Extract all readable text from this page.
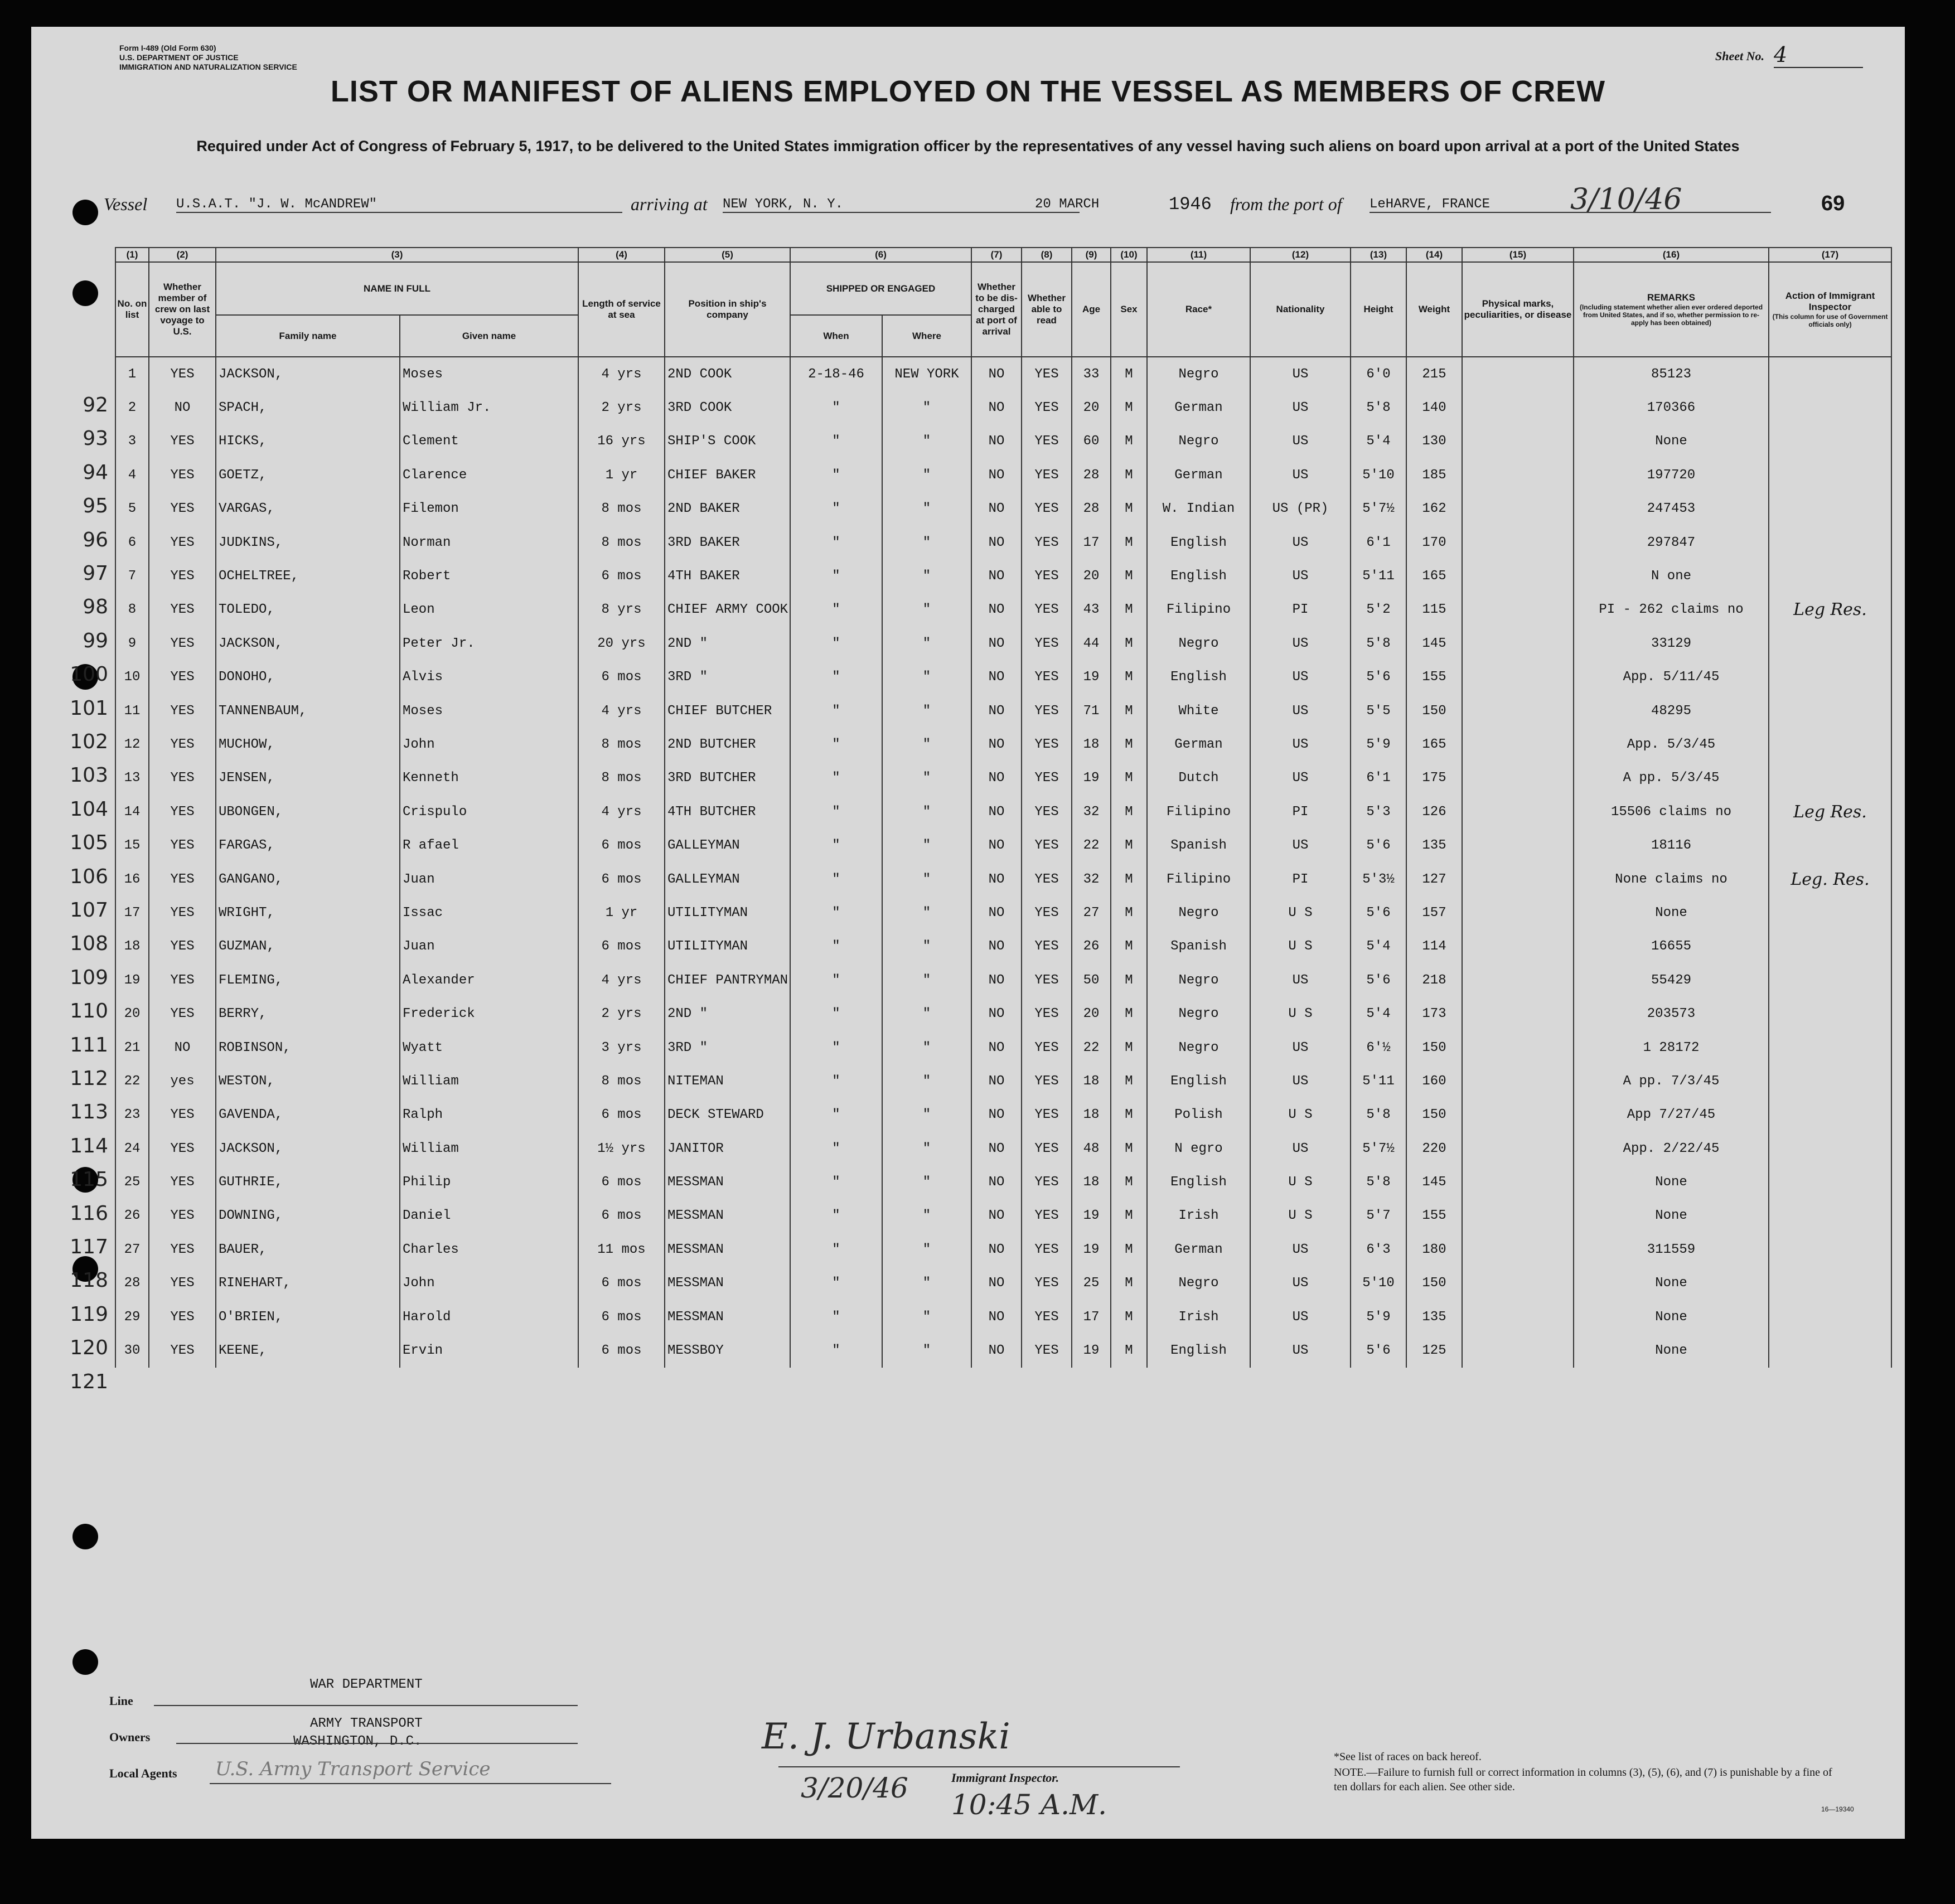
Form I-489 (Old Form 630)
U.S. DEPARTMENT OF JUSTICE
IMMIGRATION AND NATURALIZATION SERVICE
Sheet No. 4
LIST OR MANIFEST OF ALIENS EMPLOYED ON THE VESSEL AS MEMBERS OF CREW
Required under Act of Congress of February 5, 1917, to be delivered to the United States immigration officer by the representatives of any vessel having such aliens on board upon arrival at a port of the United States
Vessel U.S.A.T. "J. W. McANDREW"	arriving at NEW YORK, N. Y.	20 MARCH	1946 from the port of LeHARVE, FRANCE	3/10/46	69
92
93
94
95
96
97
98
99
100
101
102
103
104
105
106
107
108
109
110
111
112
113
114
115
116
117
118
119
120
121
(1)	(2)	(3)		(4)	(5)	(6)		(7)	(8)	(9)	(10)	(11)	(12)	(13)	(14)	(15)	(16)	(17)
No. on list	Whether member of crew on last voyage to U.S.	NAME IN FULL		Length of service at sea	Position in ship's company	SHIPPED OR ENGAGED		Whether to be dis-charged at port of arrival	Whether able to read	Age	Sex	Race*	Nationality	Height	Weight	Physical marks, peculiarities, or disease	REMARKS
(Including statement whether alien ever ordered deported from United States, and if so, whether permission to re-apply has been obtained)	Action of Immigrant Inspector
(This column for use of Government officials only)

		Family name	Given name			When	Where											
1	YES	JACKSON,	Moses	4 yrs	2ND COOK	2-18-46	NEW YORK	NO	YES	33	M	Negro	US	6'0	215		85123	
2	NO	SPACH,	William Jr.	2 yrs	3RD COOK	"	"	NO	YES	20	M	German	US	5'8	140		170366	
3	YES	HICKS,	Clement	16 yrs	SHIP'S COOK	"	"	NO	YES	60	M	Negro	US	5'4	130		None	
4	YES	GOETZ,	Clarence	1 yr	CHIEF BAKER	"	"	NO	YES	28	M	German	US	5'10	185		197720	
5	YES	VARGAS,	Filemon	8 mos	2ND BAKER	"	"	NO	YES	28	M	W. Indian	US (PR)	5'7½	162		247453	
6	YES	JUDKINS,	Norman	8 mos	3RD BAKER	"	"	NO	YES	17	M	English	US	6'1	170		297847	
7	YES	OCHELTREE,	Robert	6 mos	4TH BAKER	"	"	NO	YES	20	M	English	US	5'11	165		N one	
8	YES	TOLEDO,	Leon	8 yrs	CHIEF ARMY COOK	"	"	NO	YES	43	M	Filipino	PI	5'2	115		PI - 262 claims no	Leg Res.
9	YES	JACKSON,	Peter Jr.	20 yrs	2ND "	"	"	NO	YES	44	M	Negro	US	5'8	145		33129	
10	YES	DONOHO,	Alvis	6 mos	3RD "	"	"	NO	YES	19	M	English	US	5'6	155		App. 5/11/45	
11	YES	TANNENBAUM,	Moses	4 yrs	CHIEF BUTCHER	"	"	NO	YES	71	M	White	US	5'5	150		48295	
12	YES	MUCHOW,	John	8 mos	2ND BUTCHER	"	"	NO	YES	18	M	German	US	5'9	165		App. 5/3/45	
13	YES	JENSEN,	Kenneth	8 mos	3RD BUTCHER	"	"	NO	YES	19	M	Dutch	US	6'1	175		A pp. 5/3/45	
14	YES	UBONGEN,	Crispulo	4 yrs	4TH BUTCHER	"	"	NO	YES	32	M	Filipino	PI	5'3	126		15506 claims no	Leg Res.
15	YES	FARGAS,	R afael	6 mos	GALLEYMAN	"	"	NO	YES	22	M	Spanish	US	5'6	135		18116	
16	YES	GANGANO,	Juan	6 mos	GALLEYMAN	"	"	NO	YES	32	M	Filipino	PI	5'3½	127		None claims no	Leg. Res.
17	YES	WRIGHT,	Issac	1 yr	UTILITYMAN	"	"	NO	YES	27	M	Negro	U S	5'6	157		None	
18	YES	GUZMAN,	Juan	6 mos	UTILITYMAN	"	"	NO	YES	26	M	Spanish	U S	5'4	114		16655	
19	YES	FLEMING,	Alexander	4 yrs	CHIEF PANTRYMAN	"	"	NO	YES	50	M	Negro	US	5'6	218		55429	
20	YES	BERRY,	Frederick	2 yrs	2ND "	"	"	NO	YES	20	M	Negro	U S	5'4	173		203573	
21	NO	ROBINSON,	Wyatt	3 yrs	3RD "	"	"	NO	YES	22	M	Negro	US	6'½	150		1 28172	
22	yes	WESTON,	William	8 mos	NITEMAN	"	"	NO	YES	18	M	English	US	5'11	160		A pp. 7/3/45	
23	YES	GAVENDA,	Ralph	6 mos	DECK STEWARD	"	"	NO	YES	18	M	Polish	U S	5'8	150		App 7/27/45	
24	YES	JACKSON,	William	1½ yrs	JANITOR	"	"	NO	YES	48	M	N egro	US	5'7½	220		App. 2/22/45	
25	YES	GUTHRIE,	Philip	6 mos	MESSMAN	"	"	NO	YES	18	M	English	U S	5'8	145		None	
26	YES	DOWNING,	Daniel	6 mos	MESSMAN	"	"	NO	YES	19	M	Irish	U S	5'7	155		None	
27	YES	BAUER,	Charles	11 mos	MESSMAN	"	"	NO	YES	19	M	German	US	6'3	180		311559	
28	YES	RINEHART,	John	6 mos	MESSMAN	"	"	NO	YES	25	M	Negro	US	5'10	150		None	
29	YES	O'BRIEN,	Harold	6 mos	MESSMAN	"	"	NO	YES	17	M	Irish	US	5'9	135		None	
30	YES	KEENE,	Ervin	6 mos	MESSBOY	"	"	NO	YES	19	M	English	US	5'6	125		None	
Line
WAR DEPARTMENT
Owners
ARMY TRANSPORT
WASHINGTON, D.C.
Local Agents U.S. Army Transport Service
E. J. Urbanski
Immigrant Inspector.
3/20/46
10:45 A.M.
*See list of races on back hereof.
NOTE.—Failure to furnish full or correct information in columns (3), (5), (6), and (7) is punishable by a fine of ten dollars for each alien. See other side.
16—19340
